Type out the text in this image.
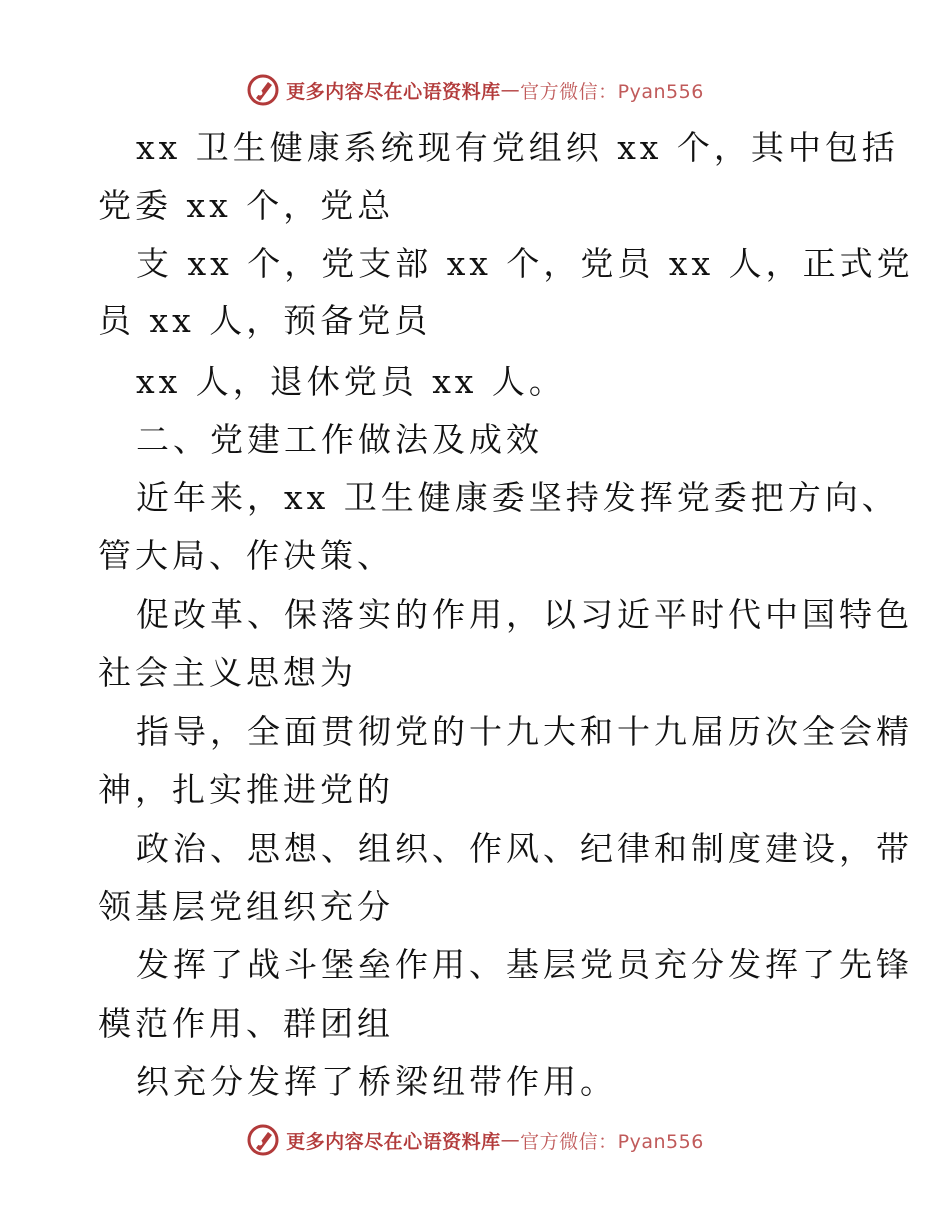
更多内容尽在心语资料库 — 官方微信：Pyan556
xx 卫生健康系统现有党组织 xx 个，其中包括
党委 xx 个，党总
支 xx 个，党支部 xx 个，党员 xx 人，正式党
员 xx 人，预备党员
xx 人，退休党员 xx 人。
二、党建工作做法及成效
近年来，xx 卫生健康委坚持发挥党委把方向、
管大局、作决策、
促改革、保落实的作用，以习近平时代中国特色
社会主义思想为
指导，全面贯彻党的十九大和十九届历次全会精
神，扎实推进党的
政治、思想、组织、作风、纪律和制度建设，带
领基层党组织充分
发挥了战斗堡垒作用、基层党员充分发挥了先锋
模范作用、群团组
织充分发挥了桥梁纽带作用。
更多内容尽在心语资料库 — 官方微信：Pyan556
